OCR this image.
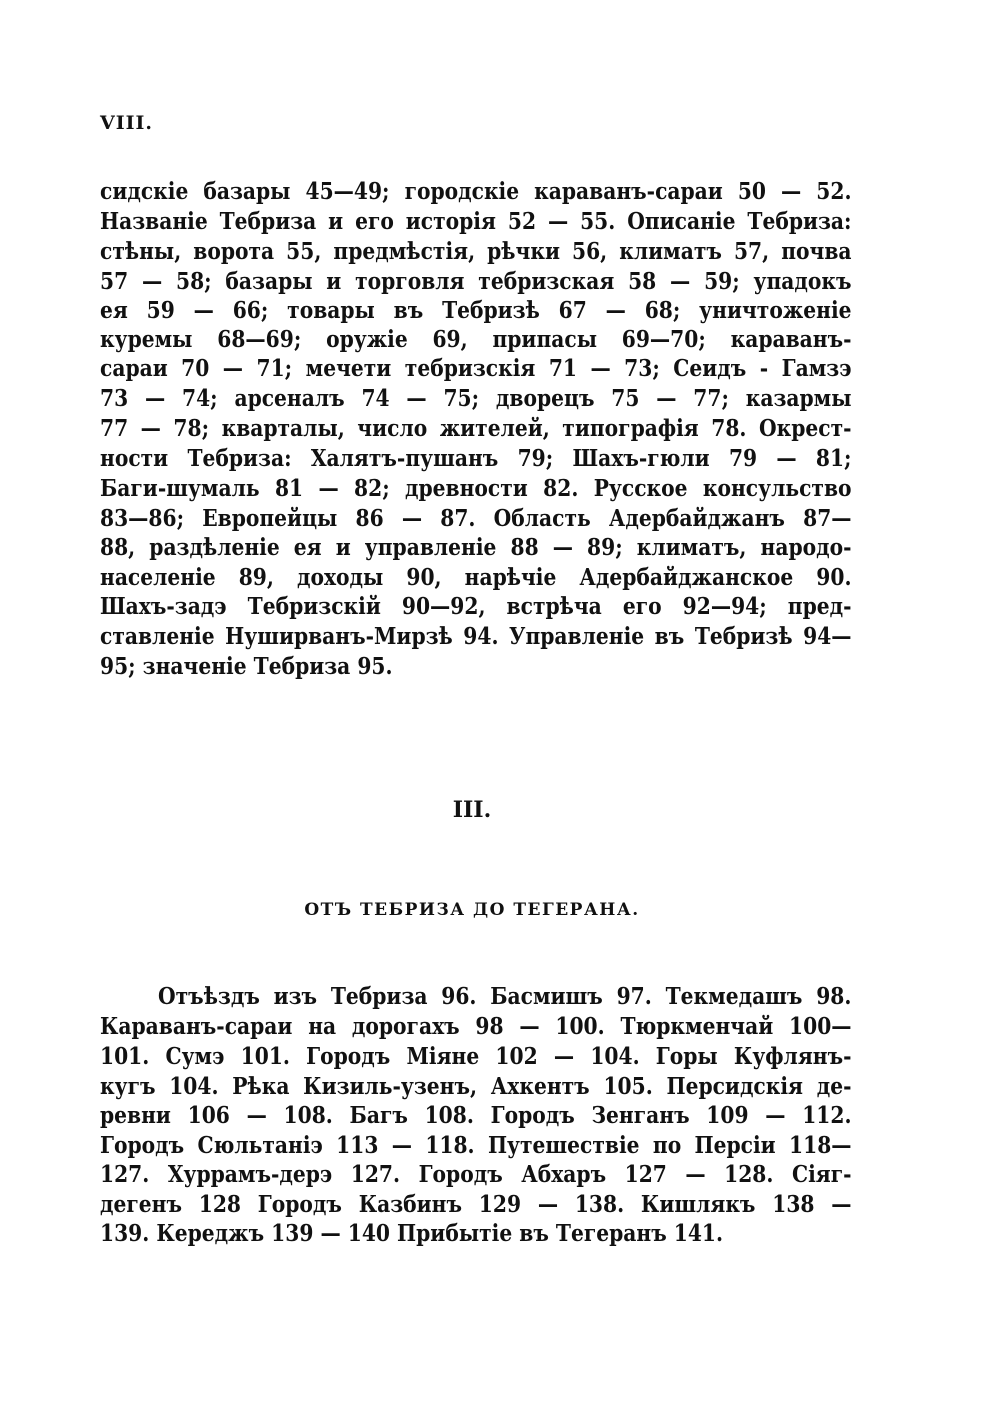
VIII.
сидскіе базары 45—49; городскіе караванъ-сараи 50 — 52.
Названіе Тебриза и его исторія 52 — 55. Описаніе Тебриза:
стѣны, ворота 55, предмѣстія, рѣчки 56, климатъ 57, почва
57 — 58; базары и торговля тебризская 58 — 59; упадокъ
ея 59 — 66; товары въ Тебризѣ 67 — 68; уничтоженіе
куремы 68—69; оружіе 69, припасы 69—70; караванъ-
сараи 70 — 71; мечети тебризскія 71 — 73; Сеидъ - Гамзэ
73 — 74; арсеналъ 74 — 75; дворецъ 75 — 77; казармы
77 — 78; кварталы, число жителей, типографія 78. Окрест-
ности Тебриза: Халятъ-пушанъ 79; Шахъ-гюли 79 — 81;
Баги-шумаль 81 — 82; древности 82. Русское консульство
83—86; Европейцы 86 — 87. Область Адербайджанъ 87—
88, раздѣленіе ея и управленіе 88 — 89; климатъ, народо-
населеніе 89, доходы 90, нарѣчіе Адербайджанское 90.
Шахъ-задэ Тебризскій 90—92, встрѣча его 92—94; пред-
ставленіе Нуширванъ-Мирзѣ 94. Управленіе въ Тебризѣ 94—
95; значеніе Тебриза 95.
III.
ОТЪ ТЕБРИЗА ДО ТЕГЕРАНА.
Отъѣздъ изъ Тебриза 96. Басмишъ 97. Текмедашъ 98.
Караванъ-сараи на дорогахъ 98 — 100. Тюркменчай 100—
101. Сумэ 101. Городъ Міяне 102 — 104. Горы Куфлянъ-
кугъ 104. Рѣка Кизиль-узенъ, Ахкентъ 105. Персидскія де-
ревни 106 — 108. Багъ 108. Городъ Зенганъ 109 — 112.
Городъ Сюльтаніэ 113 — 118. Путешествіе по Персіи 118—
127. Хуррамъ-дерэ 127. Городъ Абхаръ 127 — 128. Сіяг-
дегенъ 128 Городъ Казбинъ 129 — 138. Кишлякъ 138 —
139. Кереджъ 139 — 140 Прибытіе въ Тегеранъ 141.
